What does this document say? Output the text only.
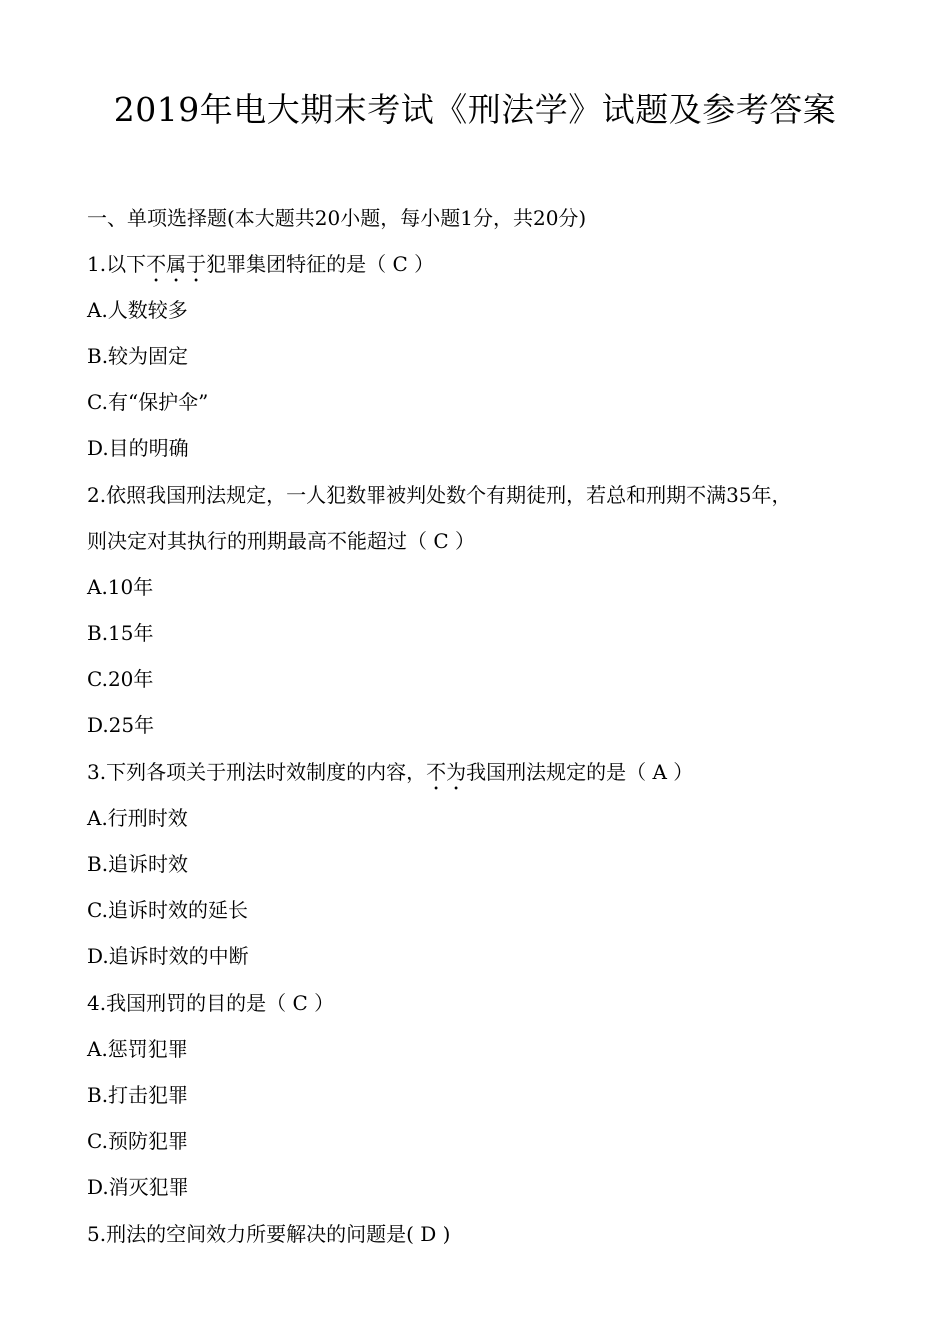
2019年电大期末考试《刑法学》试题及参考答案
一、单项选择题(本大题共20小题，每小题1分，共20分)
1.以下不属于犯罪集团特征的是（ C ）
A.人数较多
B.较为固定
C.有“保护伞”
D.目的明确
2.依照我国刑法规定，一人犯数罪被判处数个有期徒刑，若总和刑期不满35年，
则决定对其执行的刑期最高不能超过（ C ）
A.10年
B.15年
C.20年
D.25年
3.下列各项关于刑法时效制度的内容，不为我国刑法规定的是（ A ）
A.行刑时效
B.追诉时效
C.追诉时效的延长
D.追诉时效的中断
4.我国刑罚的目的是（ C ）
A.惩罚犯罪
B.打击犯罪
C.预防犯罪
D.消灭犯罪
5.刑法的空间效力所要解决的问题是( D )
